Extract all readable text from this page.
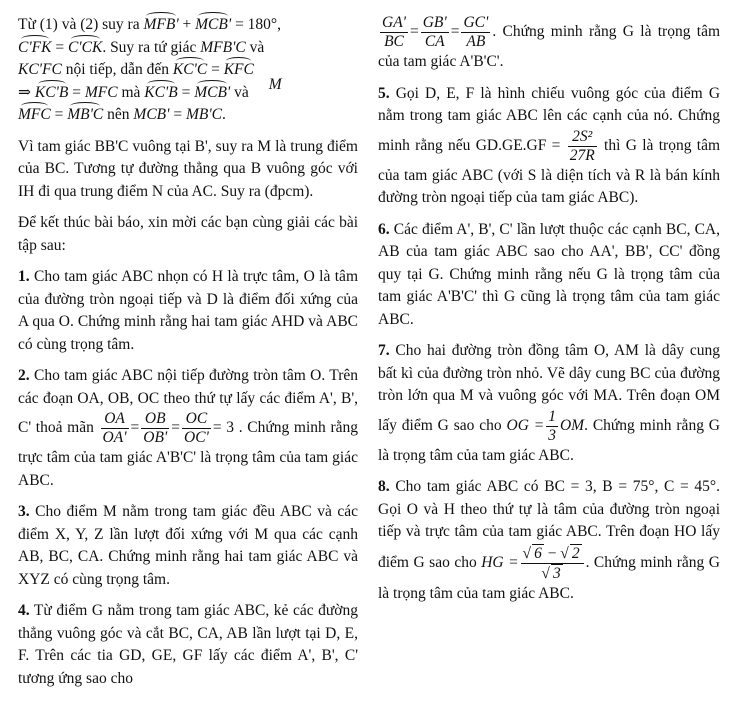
Từ (1) và (2) suy ra MFB' + MCB' = 180°,
C'FK = C'CK. Suy ra tứ giác MFB'C và
KC'FC nội tiếp, dẫn đến KC'C = KFC
⇒ KC'B = MFC mà KC'B = MCB' và M
MFC = MB'C nên MCB' = MB'C.
Vì tam giác BB'C vuông tại B', suy ra M là trung điểm của BC. Tương tự đường thẳng qua B vuông góc với IH đi qua trung điểm N của AC. Suy ra (đpcm).
Để kết thúc bài báo, xin mời các bạn cùng giải các bài tập sau:
1. Cho tam giác ABC nhọn có H là trực tâm, O là tâm của đường tròn ngoại tiếp và D là điểm đối xứng của A qua O. Chứng minh rằng hai tam giác AHD và ABC có cùng trọng tâm.
2. Cho tam giác ABC nội tiếp đường tròn tâm O. Trên các đoạn OA, OB, OC theo thứ tự lấy các điểm A', B', C' thoả mãn $\frac{OA}{OA'} = \frac{OB}{OB'} = \frac{OC}{OC'} = 3$ . Chứng minh rằng trực tâm của tam giác A'B'C' là trọng tâm của tam giác ABC.
3. Cho điểm M nằm trong tam giác đều ABC và các điểm X, Y, Z lần lượt đối xứng với M qua các cạnh AB, BC, CA. Chứng minh rằng hai tam giác ABC và XYZ có cùng trọng tâm.
4. Từ điểm G nằm trong tam giác ABC, kẻ các đường thẳng vuông góc và cắt BC, CA, AB lần lượt tại D, E, F. Trên các tia GD, GE, GF lấy các điểm A', B', C' tương ứng sao cho
$\frac{GA'}{BC} = \frac{GB'}{CA} = \frac{GC'}{AB}$ . Chứng minh rằng G là trọng tâm của tam giác A'B'C'.
5. Gọi D, E, F là hình chiếu vuông góc của điểm G nằm trong tam giác ABC lên các cạnh của nó. Chứng minh rằng nếu $GD.GE.GF = \frac{\text{2S²}}{27R}$ thì G là trọng tâm của tam giác ABC (với S là diện tích và R là bán kính đường tròn ngoại tiếp của tam giác ABC).
6. Các điểm A', B', C' lần lượt thuộc các cạnh BC, CA, AB của tam giác ABC sao cho AA', BB', CC' đồng quy tại G. Chứng minh rằng nếu G là trọng tâm của tam giác A'B'C' thì G cũng là trọng tâm của tam giác ABC.
7. Cho hai đường tròn đồng tâm O, AM là dây cung bất kì của đường tròn nhỏ. Vẽ dây cung BC của đường tròn lớn qua M và vuông góc với MA. Trên đoạn OM lấy điểm G sao cho OG = $\frac{1}{3}$ OM. Chứng minh rằng G là trọng tâm của tam giác ABC.
8. Cho tam giác ABC có BC = 3, B = 75°, C = 45°. Gọi O và H theo thứ tự là tâm của đường tròn ngoại tiếp và trực tâm của tam giác ABC. Trên đoạn HO lấy điểm G sao cho HG = $\frac{√ 6 - √ 2}{√ 3}$ . Chứng minh rằng G là trọng tâm của tam giác ABC.
